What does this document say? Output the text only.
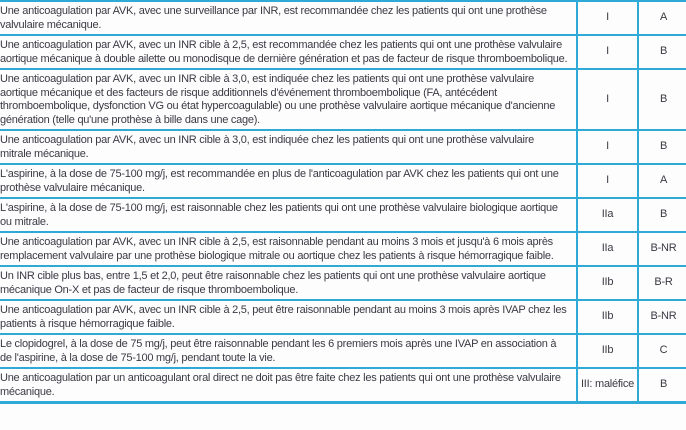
Une anticoagulation par AVK, avec une surveillance par INR, est recommandée chez les patients qui ont une prothèse valvulaire mécanique.	I	A
Une anticoagulation par AVK, avec un INR cible à 2,5, est recommandée chez les patients qui ont une prothèse valvulaire aortique mécanique à double ailette ou monodisque de dernière génération et pas de facteur de risque thromboembolique.	I	B
Une anticoagulation par AVK, avec un INR cible à 3,0, est indiquée chez les patients qui ont une prothèse valvulaire aortique mécanique et des facteurs de risque additionnels d'événement thromboembolique (FA, antécédent thromboembolique, dysfonction VG ou état hypercoagulable) ou une prothèse valvulaire aortique mécanique d'ancienne génération (telle qu'une prothèse à bille dans une cage).	I	B
Une anticoagulation par AVK, avec un INR cible à 3,0, est indiquée chez les patients qui ont une prothèse valvulaire mitrale mécanique.	I	B
L'aspirine, à la dose de 75-100 mg/j, est recommandée en plus de l'anticoagulation par AVK chez les patients qui ont une prothèse valvulaire mécanique.	I	A
L'aspirine, à la dose de 75-100 mg/j, est raisonnable chez les patients qui ont une prothèse valvulaire biologique aortique ou mitrale.	IIa	B
Une anticoagulation par AVK, avec un INR cible à 2,5, est raisonnable pendant au moins 3 mois et jusqu'à 6 mois après remplacement valvulaire par une prothèse biologique mitrale ou aortique chez les patients à risque hémorragique faible.	IIa	B-NR
Un INR cible plus bas, entre 1,5 et 2,0, peut être raisonnable chez les patients qui ont une prothèse valvulaire aortique mécanique On-X et pas de facteur de risque thromboembolique.	IIb	B-R
Une anticoagulation par AVK, avec un INR cible à 2,5, peut être raisonnable pendant au moins 3 mois après IVAP chez les patients à risque hémorragique faible.	IIb	B-NR
Le clopidogrel, à la dose de 75 mg/j, peut être raisonnable pendant les 6 premiers mois après une IVAP en association à de l'aspirine, à la dose de 75-100 mg/j, pendant toute la vie.	IIb	C
Une anticoagulation par un anticoagulant oral direct ne doit pas être faite chez les patients qui ont une prothèse valvulaire mécanique.	III: maléfice	B
